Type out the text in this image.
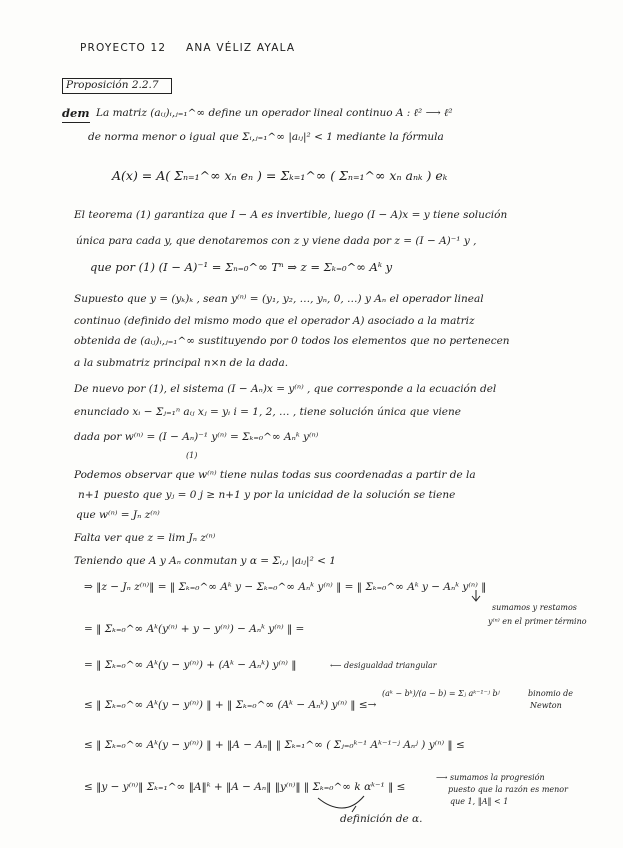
PROYECTO 12 ANA VÉLIZ AYALA
Proposición 2.2.7
dem La matriz (aᵢⱼ)ᵢ,ⱼ₌₁^∞ define un operador lineal continuo A : ℓ² ⟶ ℓ²
de norma menor o igual que Σᵢ,ⱼ₌₁^∞ |aᵢⱼ|² < 1 mediante la fórmula
A(x) = A( Σₙ₌₁^∞ xₙ eₙ ) = Σₖ₌₁^∞ ( Σₙ₌₁^∞ xₙ aₙₖ ) eₖ
El teorema (1) garantiza que I − A es invertible, luego (I − A)x = y tiene solución
única para cada y, que denotaremos con z y viene dada por z = (I − A)⁻¹ y ,
que por (1) (I − A)⁻¹ = Σₙ₌₀^∞ Tⁿ ⇒ z = Σₖ₌₀^∞ Aᵏ y
Supuesto que y = (yₖ)ₖ , sean y⁽ⁿ⁾ = (y₁, y₂, …, yₙ, 0, …) y Aₙ el operador lineal
continuo (definido del mismo modo que el operador A) asociado a la matriz
obtenida de (aᵢⱼ)ᵢ,ⱼ₌₁^∞ sustituyendo por 0 todos los elementos que no pertenecen
a la submatriz principal n×n de la dada.
De nuevo por (1), el sistema (I − Aₙ)x = y⁽ⁿ⁾ , que corresponde a la ecuación del
enunciado xᵢ − Σⱼ₌₁ⁿ aᵢⱼ xⱼ = yᵢ i = 1, 2, … , tiene solución única que viene
dada por w⁽ⁿ⁾ = (I − Aₙ)⁻¹ y⁽ⁿ⁾ = Σₖ₌₀^∞ Aₙᵏ y⁽ⁿ⁾
(1)
Podemos observar que w⁽ⁿ⁾ tiene nulas todas sus coordenadas a partir de la
n+1 puesto que yⱼ = 0 j ≥ n+1 y por la unicidad de la solución se tiene
que w⁽ⁿ⁾ = Jₙ z⁽ⁿ⁾
Falta ver que z = lim Jₙ z⁽ⁿ⁾
Teniendo que A y Aₙ conmutan y α = Σᵢ,ⱼ |aᵢⱼ|² < 1
⇒ ‖z − Jₙ z⁽ⁿ⁾‖ = ‖ Σₖ₌₀^∞ Aᵏ y − Σₖ₌₀^∞ Aₙᵏ y⁽ⁿ⁾ ‖ = ‖ Σₖ₌₀^∞ Aᵏ y − Aₙᵏ y⁽ⁿ⁾ ‖
sumamos y restamos
y⁽ⁿ⁾ en el primer término
= ‖ Σₖ₌₀^∞ Aᵏ(y⁽ⁿ⁾ + y − y⁽ⁿ⁾) − Aₙᵏ y⁽ⁿ⁾ ‖ =
= ‖ Σₖ₌₀^∞ Aᵏ(y − y⁽ⁿ⁾) + (Aᵏ − Aₙᵏ) y⁽ⁿ⁾ ‖	⟵ desigualdad triangular
≤ ‖ Σₖ₌₀^∞ Aᵏ(y − y⁽ⁿ⁾) ‖ + ‖ Σₖ₌₀^∞ (Aᵏ − Aₙᵏ) y⁽ⁿ⁾ ‖ ≤→
(aᵏ − bᵏ)/(a − b) = Σⱼ aᵏ⁻¹⁻ʲ bʲ	binomio de
Newton
≤ ‖ Σₖ₌₀^∞ Aᵏ(y − y⁽ⁿ⁾) ‖ + ‖A − Aₙ‖ ‖ Σₖ₌₁^∞ ( Σⱼ₌₀ᵏ⁻¹ Aᵏ⁻¹⁻ʲ Aₙʲ ) y⁽ⁿ⁾ ‖ ≤
≤ ‖y − y⁽ⁿ⁾‖ Σₖ₌₁^∞ ‖A‖ᵏ + ‖A − Aₙ‖ ‖y⁽ⁿ⁾‖ ‖ Σₖ₌₀^∞ k αᵏ⁻¹ ‖ ≤
⟶ sumamos la progresión
puesto que la razón es menor
que 1, ‖A‖ < 1
definición de α.
